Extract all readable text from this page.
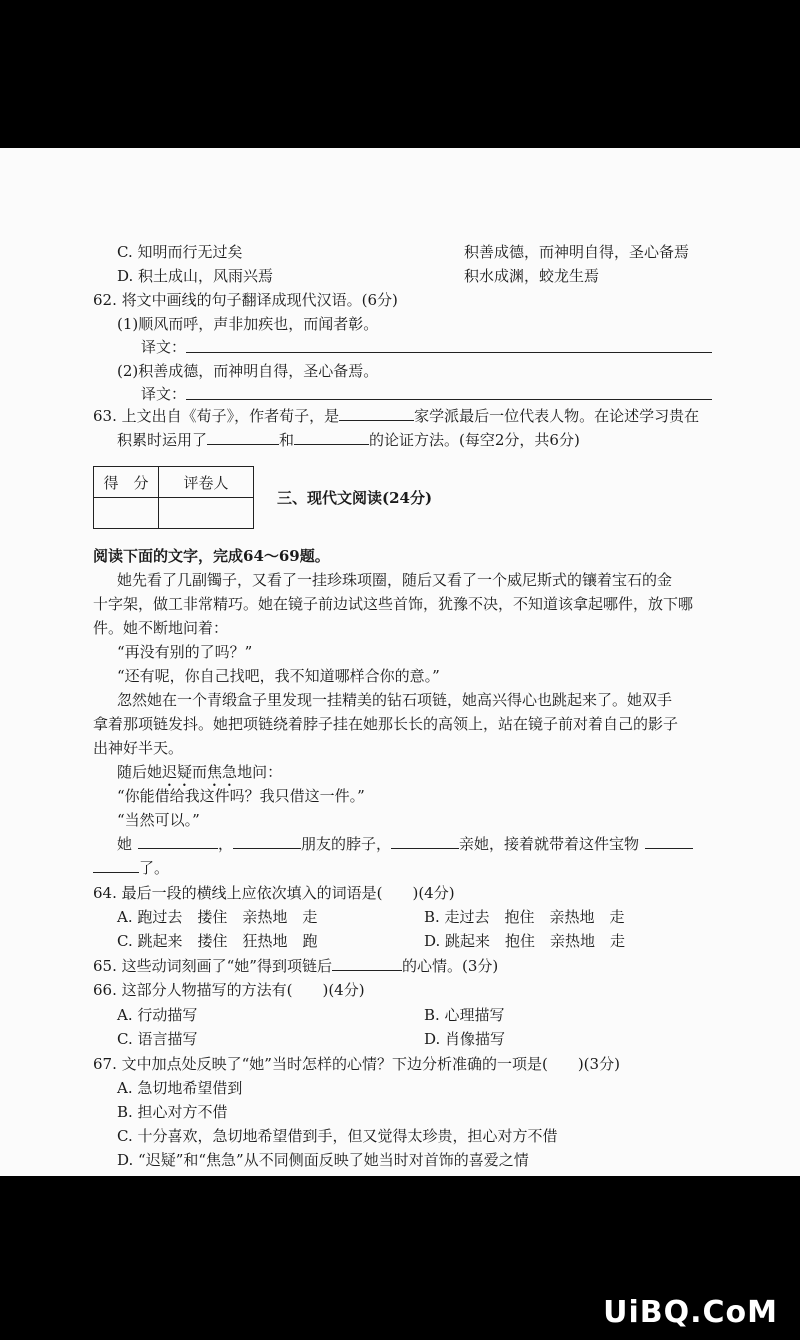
C. 知明而行无过矣	积善成德，而神明自得，圣心备焉
D. 积土成山，风雨兴焉	积水成渊，蛟龙生焉
62. 将文中画线的句子翻译成现代汉语。(6分)
(1)顺风而呼，声非加疾也，而闻者彰。
译文：
(2)积善成德，而神明自得，圣心备焉。
译文：
63. 上文出自《荀子》，作者荀子，是	家学派最后一位代表人物。在论述学习贵在
积累时运用了	和	的论证方法。(每空2分，共6分)
得　分	评卷人

三、现代文阅读(24分)
阅读下面的文字，完成64～69题。
她先看了几副镯子，又看了一挂珍珠项圈，随后又看了一个威尼斯式的镶着宝石的金
十字架，做工非常精巧。她在镜子前边试这些首饰，犹豫不决，不知道该拿起哪件，放下哪
件。她不断地问着：
“再没有别的了吗？”
“还有呢，你自己找吧，我不知道哪样合你的意。”
忽然她在一个青缎盒子里发现一挂精美的钻石项链，她高兴得心也跳起来了。她双手
拿着那项链发抖。她把项链绕着脖子挂在她那长长的高领上，站在镜子前对着自己的影子
出神好半天。
随后她迟疑而焦急地问：
“你能借给我这件吗？我只借这一件。”
“当然可以。”
她	，	朋友的脖子，	亲她，接着就带着这件宝物
了。
64. 最后一段的横线上应依次填入的词语是(　　)(4分)
A. 跑过去　搂住　亲热地　走	B. 走过去　抱住　亲热地　走
C. 跳起来　搂住　狂热地　跑	D. 跳起来　抱住　亲热地　走
65. 这些动词刻画了“她”得到项链后	的心情。(3分)
66. 这部分人物描写的方法有(　　)(4分)
A. 行动描写	B. 心理描写
C. 语言描写	D. 肖像描写
67. 文中加点处反映了“她”当时怎样的心情？下边分析准确的一项是(　　)(3分)
A. 急切地希望借到
B. 担心对方不借
C. 十分喜欢，急切地希望借到手，但又觉得太珍贵，担心对方不借
D. “迟疑”和“焦急”从不同侧面反映了她当时对首饰的喜爱之情
UiBQ.CoM
